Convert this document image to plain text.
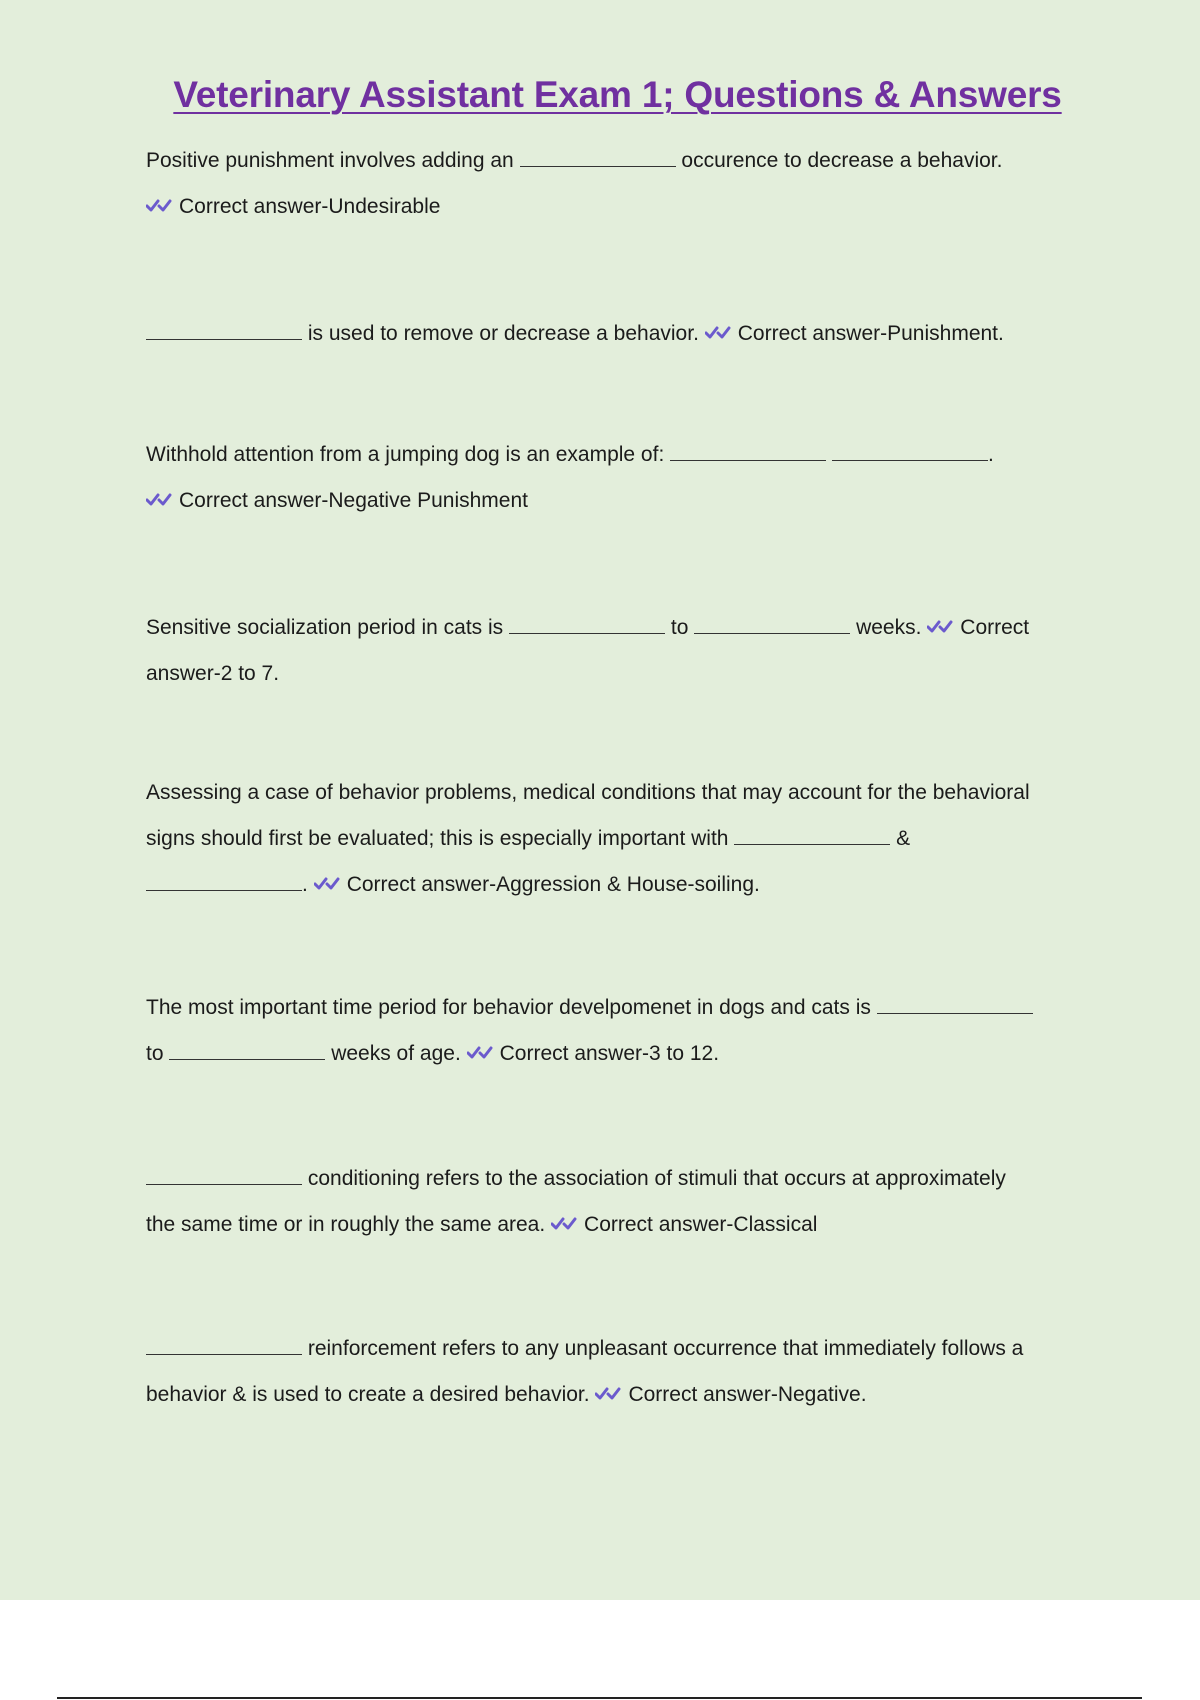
Veterinary Assistant Exam 1; Questions & Answers
Positive punishment involves adding an	occurence to decrease a behavior.
Correct answer-Undesirable
is used to remove or decrease a behavior. Correct answer-Punishment.
Withhold attention from a jumping dog is an example of:	.
Correct answer-Negative Punishment
Sensitive socialization period in cats is	to	weeks. Correct
answer-2 to 7.
Assessing a case of behavior problems, medical conditions that may account for the behavioral
signs should first be evaluated; this is especially important with	&
. Correct answer-Aggression & House-soiling.
The most important time period for behavior develpomenet in dogs and cats is
to	weeks of age. Correct answer-3 to 12.
conditioning refers to the association of stimuli that occurs at approximately
the same time or in roughly the same area. Correct answer-Classical
reinforcement refers to any unpleasant occurrence that immediately follows a
behavior & is used to create a desired behavior. Correct answer-Negative.
